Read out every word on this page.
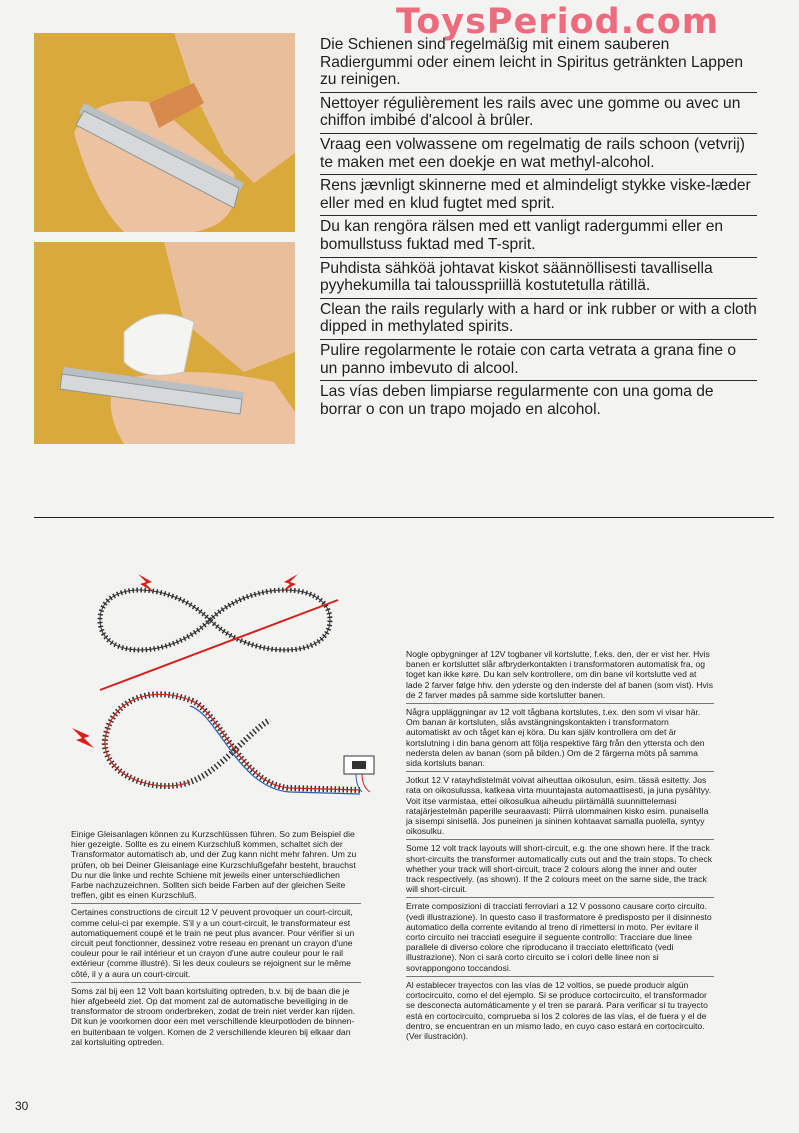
ToysPeriod.com
Die Schienen sind regelmäßig mit einem sauberen Radiergummi oder einem leicht in Spiritus getränkten Lappen zu reinigen.
Nettoyer régulièrement les rails avec une gomme ou avec un chiffon imbibé d'alcool à brûler.
Vraag een volwassene om regelmatig de rails schoon (vetvrij) te maken met een doekje en wat methyl-alcohol.
Rens jævnligt skinnerne med et almindeligt stykke viske-læder eller med en klud fugtet med sprit.
Du kan rengöra rälsen med ett vanligt radergummi eller en bomullstuss fuktad med T-sprit.
Puhdista sähköä johtavat kiskot säännöllisesti tavallisella pyyhekumilla tai talousspriillä kostutetulla rätillä.
Clean the rails regularly with a hard or ink rubber or with a cloth dipped in methylated spirits.
Pulire regolarmente le rotaie con carta vetrata a grana fine o un panno imbevuto di alcool.
Las vías deben limpiarse regularmente con una goma de borrar o con un trapo mojado en alcohol.
Einige Gleisanlagen können zu Kurzschlüssen führen. So zum Beispiel die hier gezeigte. Sollte es zu einem Kurzschluß kommen, schaltet sich der Transformator automatisch ab, und der Zug kann nicht mehr fahren. Um zu prüfen, ob bei Deiner Gleisanlage eine Kurzschlußgefahr besteht, brauchst Du nur die linke und rechte Schiene mit jeweils einer unterschiedlichen Farbe nachzuzeichnen. Sollten sich beide Farben auf der gleichen Seite treffen, gibt es einen Kurzschluß.
Certaines constructions de circuit 12 V peuvent provoquer un court-circuit, comme celui-ci par exemple. S'il y a un court-circuit, le transformateur est automatiquement coupé et le train ne peut plus avancer. Pour vérifier si un circuit peut fonctionner, dessinez votre reseau en prenant un crayon d'une couleur pour le rail intérieur et un crayon d'une autre couleur pour le rail extérieur (comme illustré). Si les deux couleurs se rejoignent sur le même côté, il y a aura un court-circuit.
Soms zal bij een 12 Volt baan kortsluiting optreden, b.v. bij de baan die je hier afgebeeld ziet. Op dat moment zal de automatische beveiliging in de transformator de stroom onderbreken, zodat de trein niet verder kan rijden. Dit kun je voorkomen door een met verschillende kleurpotloden de binnen- en buitenbaan te volgen. Komen de 2 verschillende kleuren bij elkaar dan zal kortsluiting optreden.
Nogle opbygninger af 12V togbaner vil kortslutte, f.eks. den, der er vist her. Hvis banen er kortsluttet slår afbryderkontakten i transformatoren automatisk fra, og toget kan ikke køre. Du kan selv kontrollere, om din bane vil kortslutte ved at lade 2 farver følge hhv. den yderste og den inderste del af banen (som vist). Hvis de 2 farver mødes på samme side kortslutter banen.
Några uppläggningar av 12 volt tågbana kortslutes, t.ex. den som vi visar här. Om banan är kortsluten, slås avstängningskontakten i transformatorn automatiskt av och tåget kan ej köra. Du kan själv kontrollera om det är kortslutning i din bana genom att följa respektive färg från den yttersta och den nedersta delen av banan (som på bilden.) Om de 2 färgerna möts på samma sida kortsluts banan.
Jotkut 12 V ratayhdistelmät voivat aiheuttaa oikosulun, esim. tässä esitetty. Jos rata on oikosulussa, katkeaa virta muuntajasta automaattisesti, ja juna pysähtyy. Voit itse varmistaa, ettei oikosulkua aiheudu piirtämällä suunnittelemasi ratajärjestelmän paperille seuraavasti: Piirrä ulommainen kisko esim. punaisella ja sisempi sinisellä. Jos puneinen ja sininen kohtaavat samalla puolella, syntyy oikosulku.
Some 12 volt track layouts will short-circuit, e.g. the one shown here. If the track short-circuits the transformer automatically cuts out and the train stops. To check whether your track will short-circuit, trace 2 colours along the inner and outer track respectively. (as shown). If the 2 colours meet on the same side, the track will short-circuit.
Errate composizioni di tracciati ferroviari a 12 V possono causare corto circuito. (vedi illustrazione). In questo caso il trasformatore è predisposto per il disinnesto automatico della corrente evitando al treno di rimettersi in moto. Per evitare il corto circuito nei tracciati eseguire il seguente controllo: Tracciare due linee parallele di diverso colore che riproducano il tracciato elettrificato (vedi illustrazione). Non ci sarà corto circuito se i colori delle linee non si sovrappongono toccandosi.
Al establecer trayectos con las vías de 12 voltios, se puede producir algún cortocircuito, como el del ejemplo. Si se produce cortocircuito, el transformador se desconecta automáticamente y el tren se parará. Para verificar si tu trayecto está en cortocircuito, comprueba si los 2 colores de las vías, el de fuera y el de dentro, se encuentran en un mismo lado, en cuyo caso estará en cortocircuito. (Ver ilustración).
30
